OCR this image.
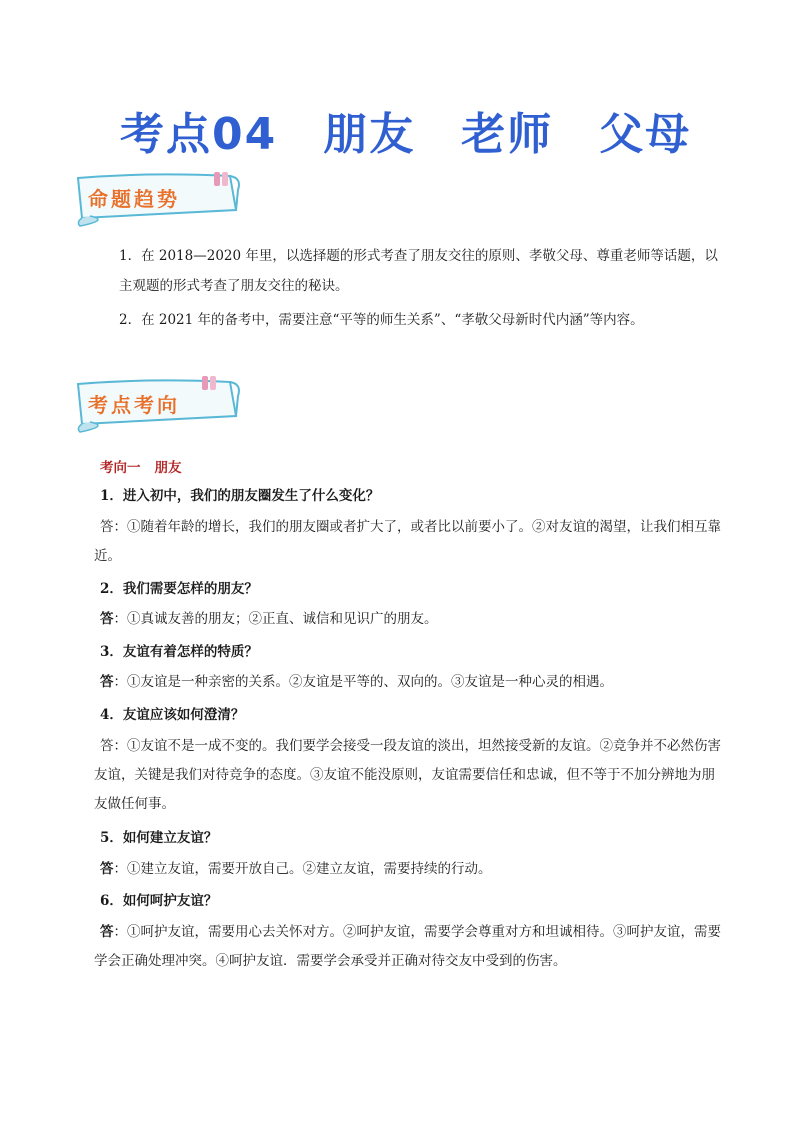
考点04 朋友 老师 父母
命题趋势
1．在 2018—2020 年里，以选择题的形式考查了朋友交往的原则、孝敬父母、尊重老师等话题，以主观题的形式考查了朋友交往的秘诀。
2．在 2021 年的备考中，需要注意“平等的师生关系”、“孝敬父母新时代内涵”等内容。
考点考向
考向一 朋友
1．进入初中，我们的朋友圈发生了什么变化？
答：①随着年龄的增长，我们的朋友圈或者扩大了，或者比以前要小了。②对友谊的渴望，让我们相互靠近。
2．我们需要怎样的朋友？
答：①真诚友善的朋友；②正直、诚信和见识广的朋友。
3．友谊有着怎样的特质？
答：①友谊是一种亲密的关系。②友谊是平等的、双向的。③友谊是一种心灵的相遇。
4．友谊应该如何澄清？
答：①友谊不是一成不变的。我们要学会接受一段友谊的淡出，坦然接受新的友谊。②竞争并不必然伤害友谊，关键是我们对待竞争的态度。③友谊不能没原则，友谊需要信任和忠诚，但不等于不加分辨地为朋友做任何事。
5．如何建立友谊？
答：①建立友谊，需要开放自己。②建立友谊，需要持续的行动。
6．如何呵护友谊？
答：①呵护友谊，需要用心去关怀对方。②呵护友谊，需要学会尊重对方和坦诚相待。③呵护友谊，需要学会正确处理冲突。④呵护友谊．需要学会承受并正确对待交友中受到的伤害。
